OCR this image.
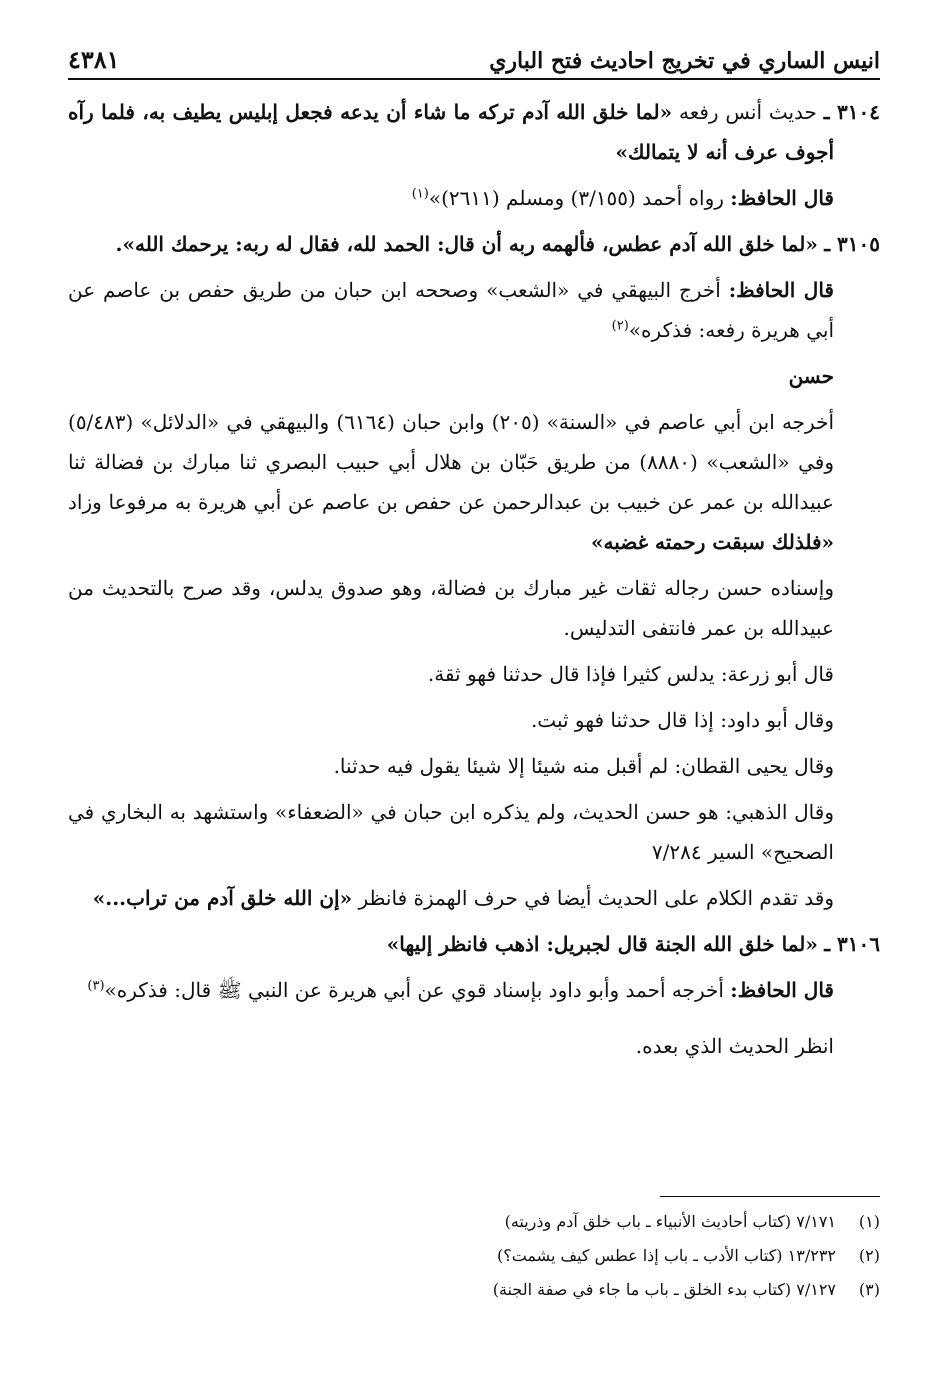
انيس الساري في تخريج احاديث فتح الباري
٤٣٨١
٣١٠٤ ـ حديث أنس رفعه «لما خلق الله آدم تركه ما شاء أن يدعه فجعل إبليس يطيف به، فلما رآه أجوف عرف أنه لا يتمالك»
قال الحافظ: رواه أحمد (٣/١٥٥) ومسلم (٢٦١١)»$^{(١)}$
٣١٠٥ ـ «لما خلق الله آدم عطس، فألهمه ربه أن قال: الحمد لله، فقال له ربه: يرحمك الله».
قال الحافظ: أخرج البيهقي في «الشعب» وصححه ابن حبان من طريق حفص بن عاصم عن أبي هريرة رفعه: فذكره»$^{(٢)}$
حسن
أخرجه ابن أبي عاصم في «السنة» (٢٠٥) وابن حبان (٦١٦٤) والبيهقي في «الدلائل» (٥/٤٨٣) وفي «الشعب» (٨٨٨٠) من طريق حَبّان بن هلال أبي حبيب البصري ثنا مبارك بن فضالة ثنا عبيدالله بن عمر عن خبيب بن عبدالرحمن عن حفص بن عاصم عن أبي هريرة به مرفوعا وزاد «فلذلك سبقت رحمته غضبه»
وإسناده حسن رجاله ثقات غير مبارك بن فضالة، وهو صدوق يدلس، وقد صرح بالتحديث من عبيدالله بن عمر فانتفى التدليس.
قال أبو زرعة: يدلس كثيرا فإذا قال حدثنا فهو ثقة.
وقال أبو داود: إذا قال حدثنا فهو ثبت.
وقال يحيى القطان: لم أقبل منه شيئا إلا شيئا يقول فيه حدثنا.
وقال الذهبي: هو حسن الحديث، ولم يذكره ابن حبان في «الضعفاء» واستشهد به البخاري في الصحيح» السير ٧/٢٨٤
وقد تقدم الكلام على الحديث أيضا في حرف الهمزة فانظر «إن الله خلق آدم من تراب...»
٣١٠٦ ـ «لما خلق الله الجنة قال لجبريل: اذهب فانظر إليها»
قال الحافظ: أخرجه أحمد وأبو داود بإسناد قوي عن أبي هريرة عن النبي ﷺ قال: فذكره»$^{(٣)}$
انظر الحديث الذي بعده.
(١)
٧/١٧١ (كتاب أحاديث الأنبياء ـ باب خلق آدم وذريته)
(٢)
١٣/٢٣٢ (كتاب الأدب ـ باب إذا عطس كيف يشمت؟)
(٣)
٧/١٢٧ (كتاب بدء الخلق ـ باب ما جاء في صفة الجنة)
